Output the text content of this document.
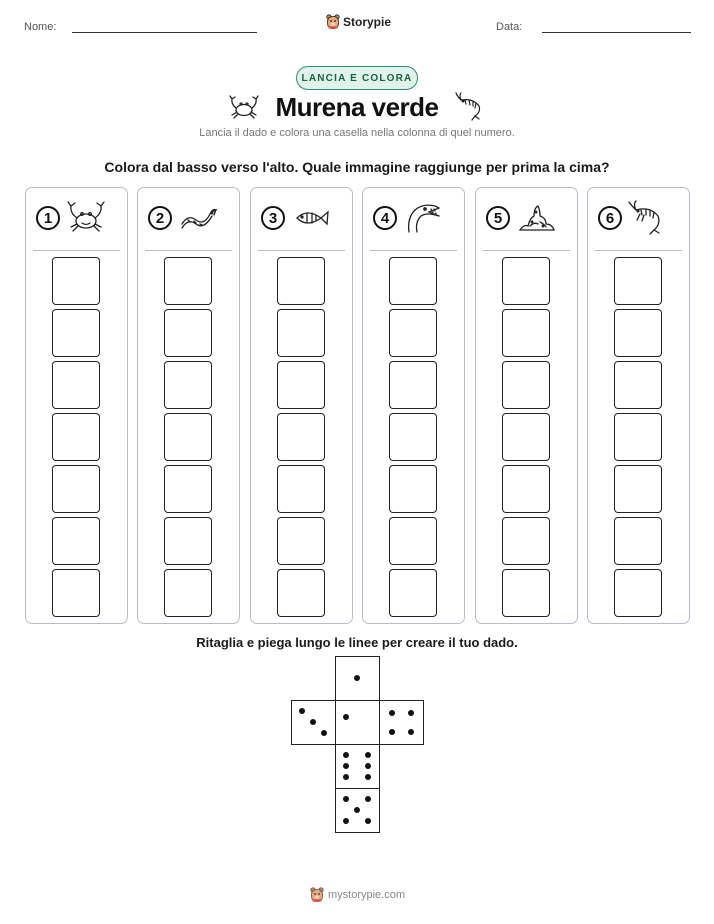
Nome:	Storypie	Data:
LANCIA E COLORA
Murena verde
Lancia il dado e colora una casella nella colonna di quel numero.
Colora dal basso verso l'alto. Quale immagine raggiunge per prima la cima?
1	2	3	4	5	6
Ritaglia e piega lungo le linee per creare il tuo dado.
mystorypie.com
